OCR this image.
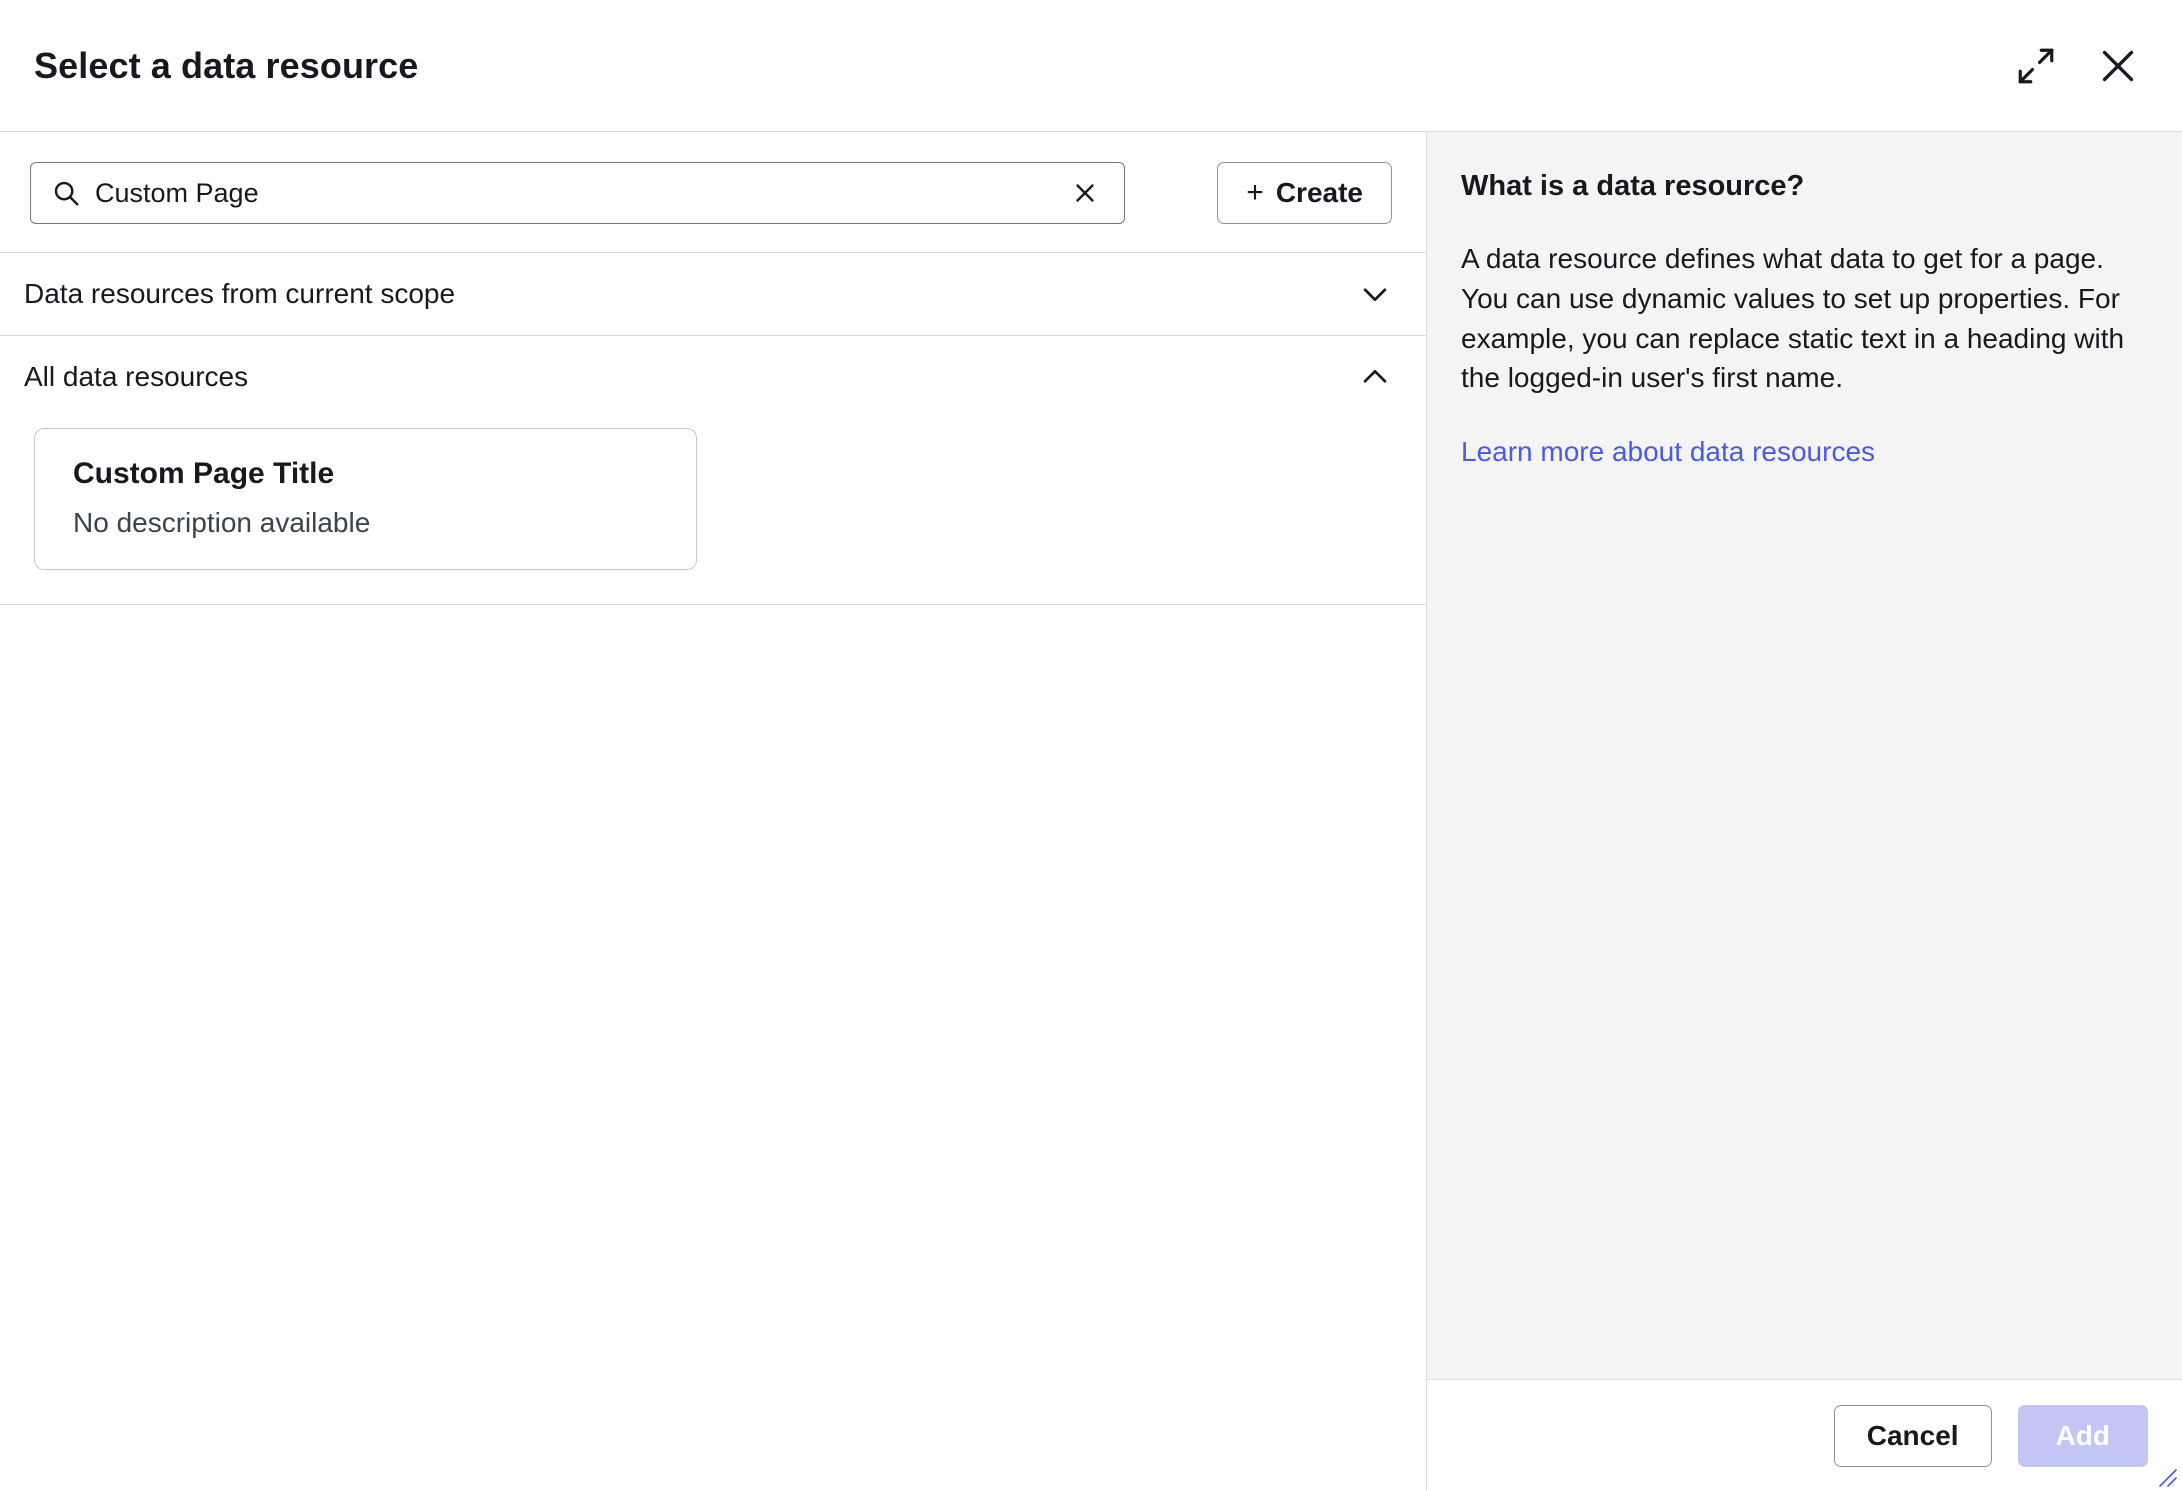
Select a data resource
Custom Page
+ Create
Data resources from current scope
All data resources
Custom Page Title
No description available
What is a data resource?
A data resource defines what data to get for a page. You can use dynamic values to set up properties. For example, you can replace static text in a heading with the logged-in user's first name.
Learn more about data resources
Cancel	Add
